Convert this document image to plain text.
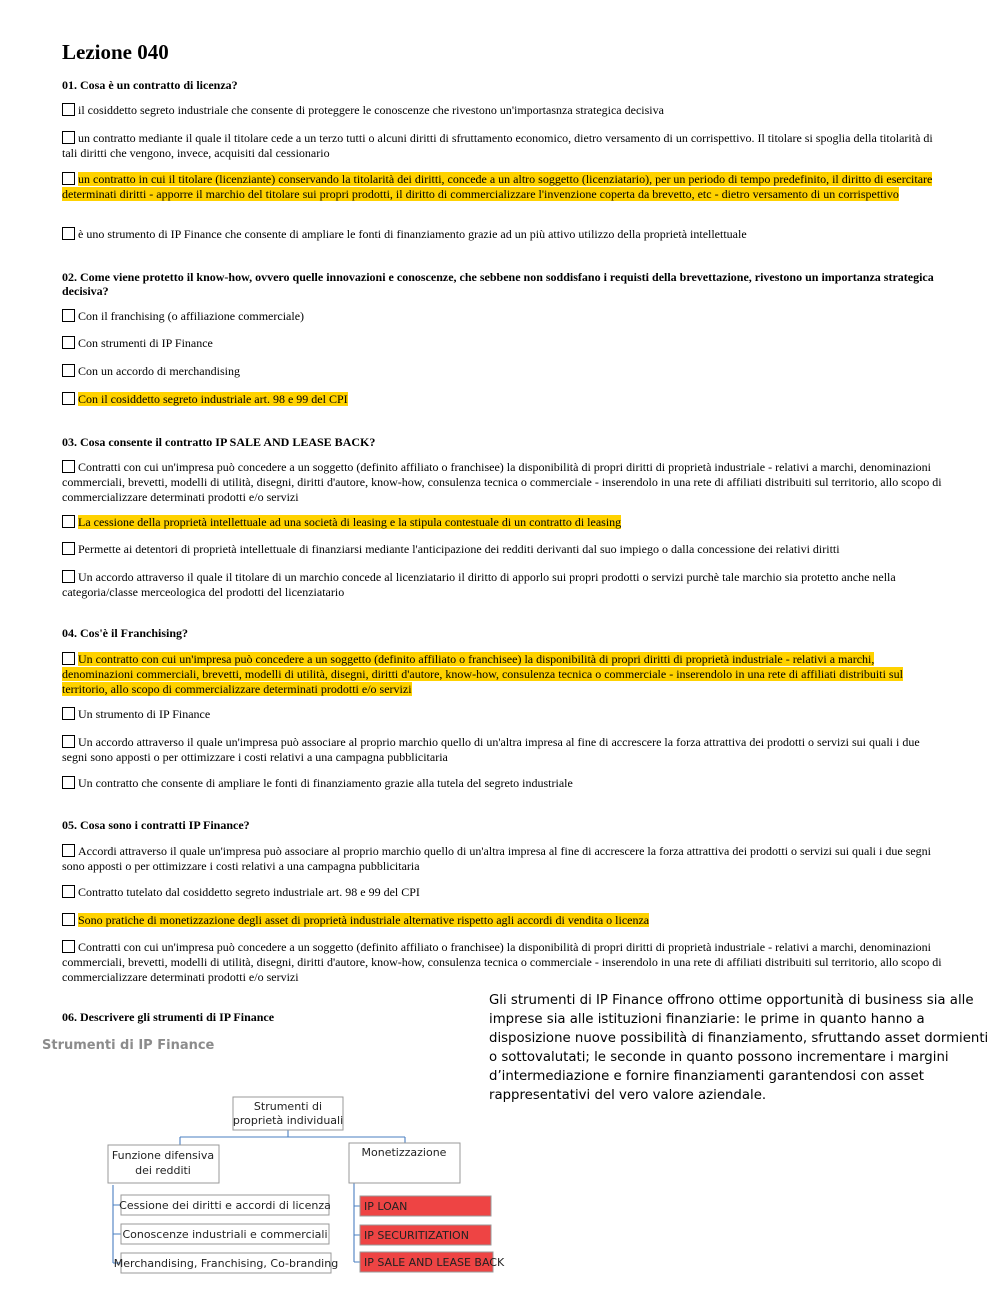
Lezione 040
01. Cosa è un contratto di licenza?
il cosiddetto segreto industriale che consente di proteggere le conoscenze che rivestono un'importasnza strategica decisiva
un contratto mediante il quale il titolare cede a un terzo tutti o alcuni diritti di sfruttamento economico, dietro versamento di un corrispettivo. Il titolare si spoglia della titolarità di tali diritti che vengono, invece, acquisiti dal cessionario
un contratto in cui il titolare (licenziante) conservando la titolarità dei diritti, concede a un altro soggetto (licenziatario), per un periodo di tempo predefinito, il diritto di esercitare determinati diritti - apporre il marchio del titolare sui propri prodotti, il diritto di commercializzare l'invenzione coperta da brevetto, etc - dietro versamento di un corrispettivo
è uno strumento di IP Finance che consente di ampliare le fonti di finanziamento grazie ad un più attivo utilizzo della proprietà intellettuale
02. Come viene protetto il know-how, ovvero quelle innovazioni e conoscenze, che sebbene non soddisfano i requisti della brevettazione, rivestono un importanza strategica decisiva?
Con il franchising (o affiliazione commerciale)
Con strumenti di IP Finance
Con un accordo di merchandising
Con il cosiddetto segreto industriale art. 98 e 99 del CPI
03. Cosa consente il contratto IP SALE AND LEASE BACK?
Contratti con cui un'impresa può concedere a un soggetto (definito affiliato o franchisee) la disponibilità di propri diritti di proprietà industriale - relativi a marchi, denominazioni commerciali, brevetti, modelli di utilità, disegni, diritti d'autore, know-how, consulenza tecnica o commerciale - inserendolo in una rete di affiliati distribuiti sul territorio, allo scopo di commercializzare determinati prodotti e/o servizi
La cessione della proprietà intellettuale ad una società di leasing e la stipula contestuale di un contratto di leasing
Permette ai detentori di proprietà intellettuale di finanziarsi mediante l'anticipazione dei redditi derivanti dal suo impiego o dalla concessione dei relativi diritti
Un accordo attraverso il quale il titolare di un marchio concede al licenziatario il diritto di apporlo sui propri prodotti o servizi purchè tale marchio sia protetto anche nella categoria/classe merceologica del prodotti del licenziatario
04. Cos'è il Franchising?
Un contratto con cui un'impresa può concedere a un soggetto (definito affiliato o franchisee) la disponibilità di propri diritti di proprietà industriale - relativi a marchi, denominazioni commerciali, brevetti, modelli di utilità, disegni, diritti d'autore, know-how, consulenza tecnica o commerciale - inserendolo in una rete di affiliati distribuiti sul territorio, allo scopo di commercializzare determinati prodotti e/o servizi
Un strumento di IP Finance
Un accordo attraverso il quale un'impresa può associare al proprio marchio quello di un'altra impresa al fine di accrescere la forza attrattiva dei prodotti o servizi sui quali i due segni sono apposti o per ottimizzare i costi relativi a una campagna pubblicitaria
Un contratto che consente di ampliare le fonti di finanziamento grazie alla tutela del segreto industriale
05. Cosa sono i contratti IP Finance?
Accordi attraverso il quale un'impresa può associare al proprio marchio quello di un'altra impresa al fine di accrescere la forza attrattiva dei prodotti o servizi sui quali i due segni sono apposti o per ottimizzare i costi relativi a una campagna pubblicitaria
Contratto tutelato dal cosiddetto segreto industriale art. 98 e 99 del CPI
Sono pratiche di monetizzazione degli asset di proprietà industriale alternative rispetto agli accordi di vendita o licenza
Contratti con cui un'impresa può concedere a un soggetto (definito affiliato o franchisee) la disponibilità di propri diritti di proprietà industriale - relativi a marchi, denominazioni commerciali, brevetti, modelli di utilità, disegni, diritti d'autore, know-how, consulenza tecnica o commerciale - inserendolo in una rete di affiliati distribuiti sul territorio, allo scopo di commercializzare determinati prodotti e/o servizi
06. Descrivere gli strumenti di IP Finance
Gli strumenti di IP Finance offrono ottime opportunità di business sia alle imprese sia alle istituzioni finanziarie: le prime in quanto hanno a disposizione nuove possibilità di finanziamento, sfruttando asset dormienti o sottovalutati; le seconde in quanto possono incrementare i margini d’intermediazione e fornire finanziamenti garantendosi con asset rappresentativi del vero valore aziendale.
Strumenti di IP Finance
Strumenti di
proprietà individuali
Funzione difensiva
dei redditi
Cessione dei diritti e accordi di licenza
Conoscenze industriali e commerciali
Merchandising, Franchising, Co-branding
Monetizzazione
IP LOAN
IP SECURITIZATION
IP SALE AND LEASE BACK
